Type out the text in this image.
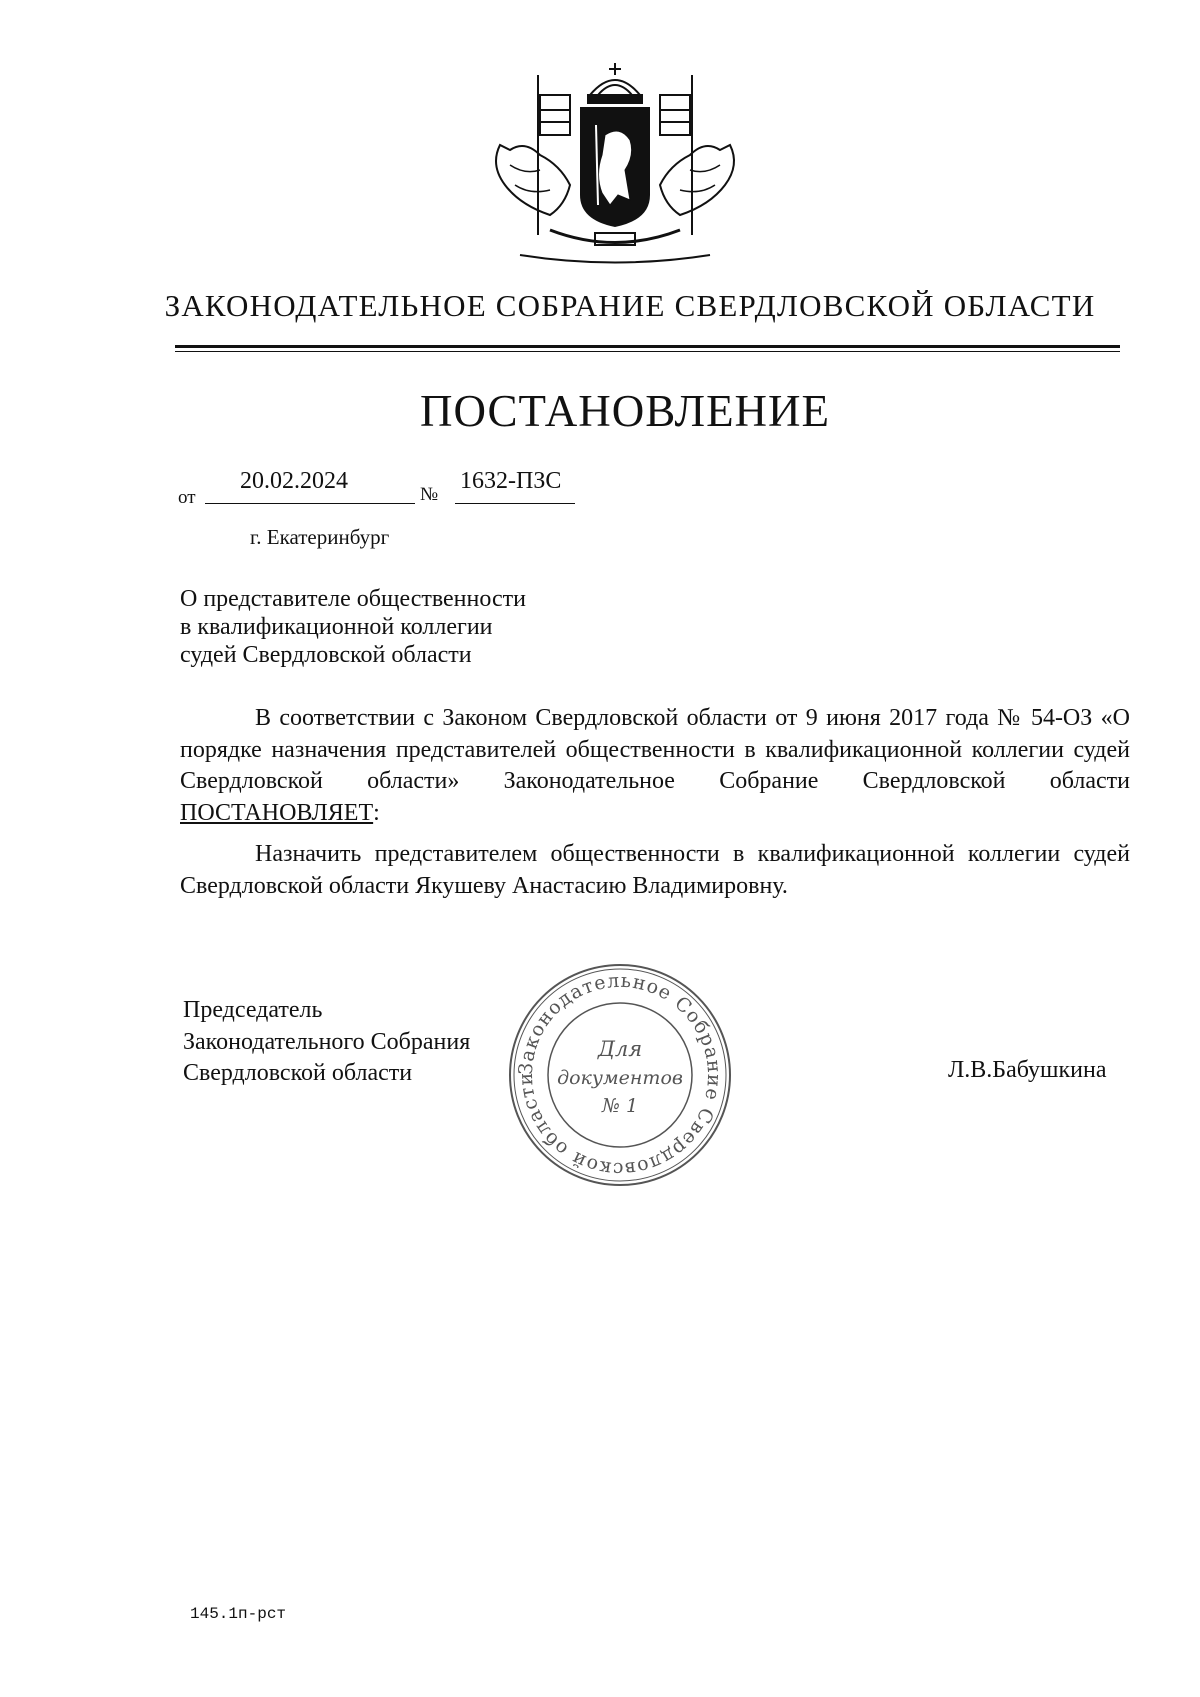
ЗАКОНОДАТЕЛЬНОЕ СОБРАНИЕ СВЕРДЛОВСКОЙ ОБЛАСТИ
ПОСТАНОВЛЕНИЕ
от
20.02.2024
№
1632-ПЗС
г. Екатеринбург
О представителе общественности
в квалификационной коллегии
судей Свердловской области

В соответствии с Законом Свердловской области от 9 июня 2017 года № 54-ОЗ «О порядке назначения представителей общественности в квалификационной коллегии судей Свердловской области» Законодательное Собрание Свердловской области ПОСТАНОВЛЯЕТ:

Назначить представителем общественности в квалификационной коллегии судей Свердловской области Якушеву Анастасию Владимировну.

Председатель
Законодательного Собрания
Свердловской области	Л.В.Бабушкина
Законодательное Собрание Свердловской области
Для
документов
№ 1
145.1п-рст
